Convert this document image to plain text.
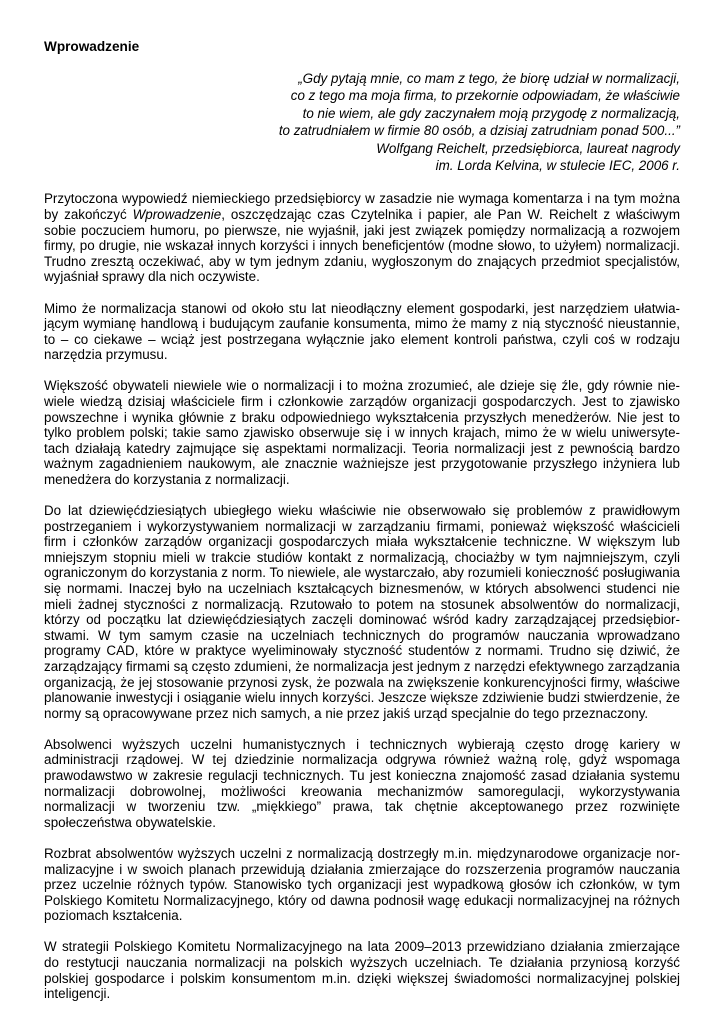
Wprowadzenie
„Gdy pytają mnie, co mam z tego, że biorę udział w normalizacji,
co z tego ma moja firma, to przekornie odpowiadam, że właściwie
to nie wiem, ale gdy zaczynałem moją przygodę z normalizacją,
to zatrudniałem w firmie 80 osób, a dzisiaj zatrudniam ponad 500...”
Wolfgang Reichelt, przedsiębiorca, laureat nagrody
im. Lorda Kelvina, w stulecie IEC, 2006 r.

Przytoczona wypowiedź niemieckiego przedsiębiorcy w zasadzie nie wymaga komentarza i na tym można by zakończyć Wprowadzenie, oszczędzając czas Czytelnika i papier, ale Pan W. Reichelt z właściwym sobie poczuciem humoru, po pierwsze, nie wyjaśnił, jaki jest związek pomiędzy normalizacją a rozwojem firmy, po drugie, nie wskazał innych korzyści i innych beneficjentów (modne słowo, to użyłem) normalizacji. Trudno zresztą oczekiwać, aby w tym jednym zdaniu, wygłoszonym do znających przedmiot specjalistów, wyjaśniał sprawy dla nich oczywiste.

Mimo że normalizacja stanowi od około stu lat nieodłączny element gospodarki, jest narzędziem ułatwiającym wymianę handlową i budującym zaufanie konsumenta, mimo że mamy z nią styczność nieustannie, to – co ciekawe – wciąż jest postrzegana wyłącznie jako element kontroli państwa, czyli coś w rodzaju narzędzia przymusu.

Większość obywateli niewiele wie o normalizacji i to można zrozumieć, ale dzieje się źle, gdy równie niewiele wiedzą dzisiaj właściciele firm i członkowie zarządów organizacji gospodarczych. Jest to zjawisko powszechne i wynika głównie z braku odpowiedniego wykształcenia przyszłych menedżerów. Nie jest to tylko problem polski; takie samo zjawisko obserwuje się i w innych krajach, mimo że w wielu uniwersytetach działają katedry zajmujące się aspektami normalizacji. Teoria normalizacji jest z pewnością bardzo ważnym zagadnieniem naukowym, ale znacznie ważniejsze jest przygotowanie przyszłego inżyniera lub menedżera do korzystania z normalizacji.

Do lat dziewięćdziesiątych ubiegłego wieku właściwie nie obserwowało się problemów z prawidłowym postrzeganiem i wykorzystywaniem normalizacji w zarządzaniu firmami, ponieważ większość właścicieli firm i członków zarządów organizacji gospodarczych miała wykształcenie techniczne. W większym lub mniejszym stopniu mieli w trakcie studiów kontakt z normalizacją, chociażby w tym najmniejszym, czyli ograniczonym do korzystania z norm. To niewiele, ale wystarczało, aby rozumieli konieczność posługiwania się normami. Inaczej było na uczelniach kształcących biznesmenów, w których absolwenci studenci nie mieli żadnej styczności z normalizacją. Rzutowało to potem na stosunek absolwentów do normalizacji, którzy od początku lat dziewięćdziesiątych zaczęli dominować wśród kadry zarządzającej przedsiębiorstwami. W tym samym czasie na uczelniach technicznych do programów nauczania wprowadzano programy CAD, które w praktyce wyeliminowały styczność studentów z normami. Trudno się dziwić, że zarządzający firmami są często zdumieni, że normalizacja jest jednym z narzędzi efektywnego zarządzania organizacją, że jej stosowanie przynosi zysk, że pozwala na zwiększenie konkurencyjności firmy, właściwe planowanie inwestycji i osiąganie wielu innych korzyści. Jeszcze większe zdziwienie budzi stwierdzenie, że normy są opracowywane przez nich samych, a nie przez jakiś urząd specjalnie do tego przeznaczony.

Absolwenci wyższych uczelni humanistycznych i technicznych wybierają często drogę kariery w administracji rządowej. W tej dziedzinie normalizacja odgrywa również ważną rolę, gdyż wspomaga prawodawstwo w zakresie regulacji technicznych. Tu jest konieczna znajomość zasad działania systemu normalizacji dobrowolnej, możliwości kreowania mechanizmów samoregulacji, wykorzystywania normalizacji w tworzeniu tzw. „miękkiego” prawa, tak chętnie akceptowanego przez rozwinięte społeczeństwa obywatelskie.

Rozbrat absolwentów wyższych uczelni z normalizacją dostrzegły m.in. międzynarodowe organizacje normalizacyjne i w swoich planach przewidują działania zmierzające do rozszerzenia programów nauczania przez uczelnie różnych typów. Stanowisko tych organizacji jest wypadkową głosów ich członków, w tym Polskiego Komitetu Normalizacyjnego, który od dawna podnosił wagę edukacji normalizacyjnej na różnych poziomach kształcenia.

W strategii Polskiego Komitetu Normalizacyjnego na lata 2009–2013 przewidziano działania zmierzające do restytucji nauczania normalizacji na polskich wyższych uczelniach. Te działania przyniosą korzyść polskiej gospodarce i polskim konsumentom m.in. dzięki większej świadomości normalizacyjnej polskiej inteligencji.
